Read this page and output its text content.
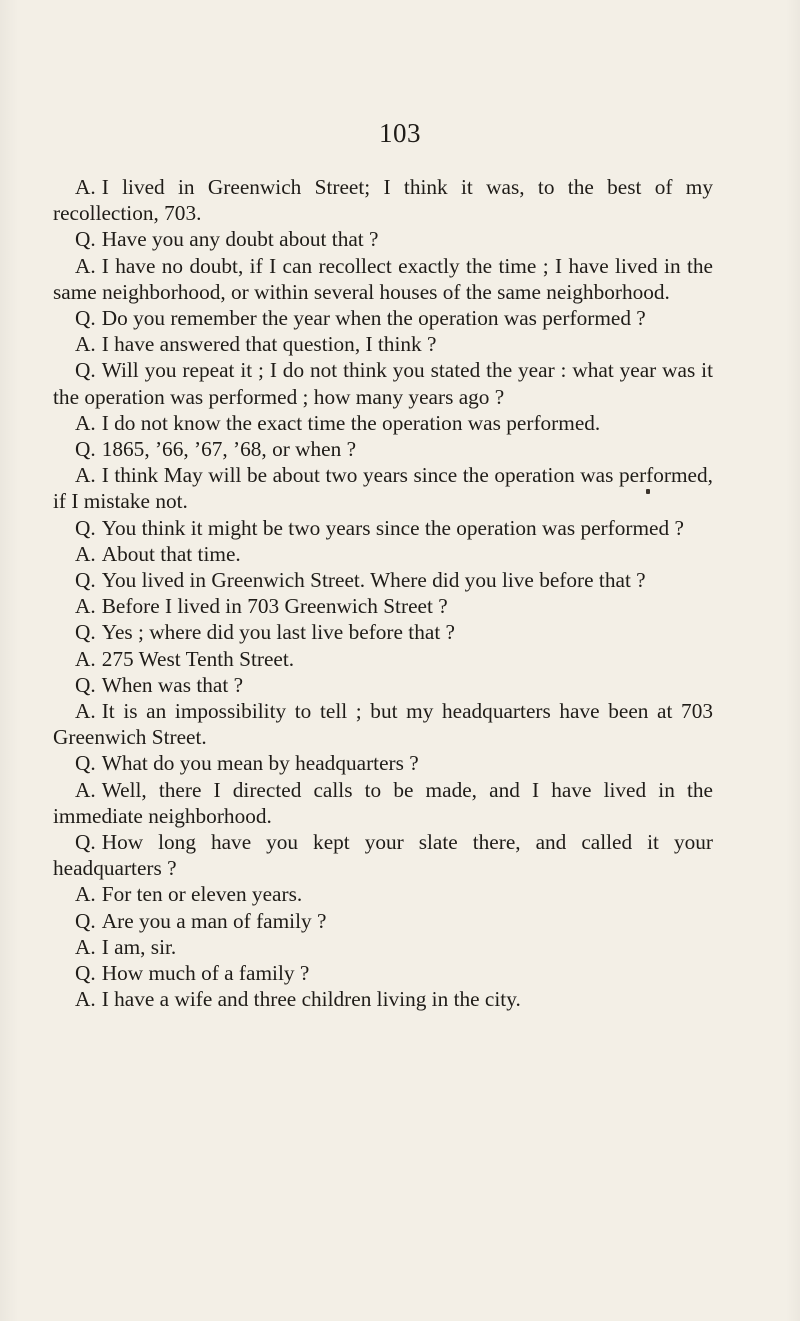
103

A. I lived in Greenwich Street; I think it was, to the best of my recollection, 703.

Q. Have you any doubt about that ?

A. I have no doubt, if I can recollect exactly the time ; I have lived in the same neighborhood, or within several houses of the same neighborhood.

Q. Do you remember the year when the operation was performed ?

A. I have answered that question, I think ?

Q. Will you repeat it ; I do not think you stated the year : what year was it the operation was performed ; how many years ago ?

A. I do not know the exact time the operation was performed.

Q. 1865, ’66, ’67, ’68, or when ?

A. I think May will be about two years since the operation was performed, if I mistake not.

Q. You think it might be two years since the operation was performed ?

A. About that time.

Q. You lived in Greenwich Street. Where did you live before that ?

A. Before I lived in 703 Greenwich Street ?

Q. Yes ; where did you last live before that ?

A. 275 West Tenth Street.

Q. When was that ?

A. It is an impossibility to tell ; but my headquarters have been at 703 Greenwich Street.

Q. What do you mean by headquarters ?

A. Well, there I directed calls to be made, and I have lived in the immediate neighborhood.

Q. How long have you kept your slate there, and called it your headquarters ?

A. For ten or eleven years.

Q. Are you a man of family ?

A. I am, sir.

Q. How much of a family ?

A. I have a wife and three children living in the city.
